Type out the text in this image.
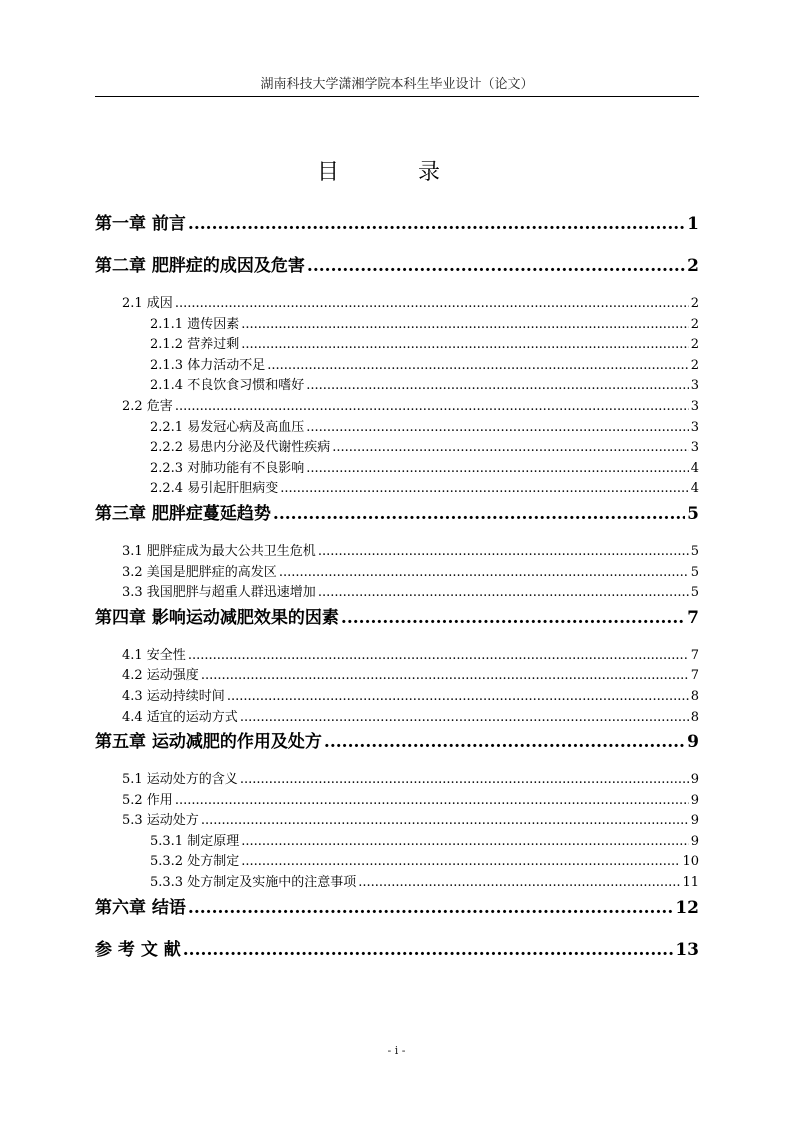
湖南科技大学潇湘学院本科生毕业设计（论文）
目 录
第一章 前言 .....	1
第二章 肥胖症的成因及危害 .....	2
2.1 成因 .....	2
2.1.1 遗传因素 .....	2
2.1.2 营养过剩 .....	2
2.1.3 体力活动不足 .....	2
2.1.4 不良饮食习惯和嗜好 .....	3
2.2 危害 .....	3
2.2.1 易发冠心病及高血压 .....	3
2.2.2 易患内分泌及代谢性疾病 .....	3
2.2.3 对肺功能有不良影响 .....	4
2.2.4 易引起肝胆病变 .....	4
第三章 肥胖症蔓延趋势 .....	5
3.1 肥胖症成为最大公共卫生危机 .....	5
3.2 美国是肥胖症的高发区 .....	5
3.3 我国肥胖与超重人群迅速增加 .....	5
第四章 影响运动减肥效果的因素 .....	7
4.1 安全性 .....	7
4.2 运动强度 .....	7
4.3 运动持续时间 .....	8
4.4 适宜的运动方式 .....	8
第五章 运动减肥的作用及处方 .....	9
5.1 运动处方的含义 .....	9
5.2 作用 .....	9
5.3 运动处方 .....	9
5.3.1 制定原理 .....	9
5.3.2 处方制定 .....	10
5.3.3 处方制定及实施中的注意事项 .....	11
第六章 结语 .....	12
参 考 文 献 .....	13
- i -
